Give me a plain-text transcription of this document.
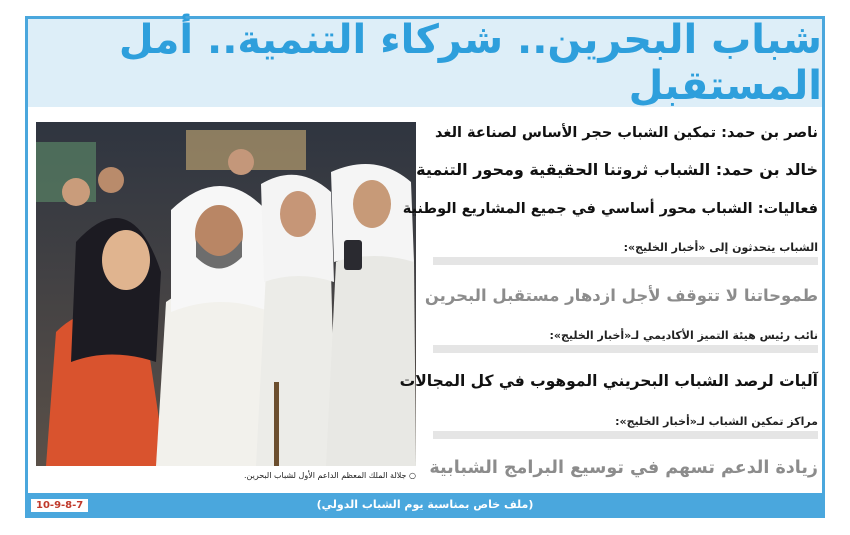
شباب البحرين.. شركاء التنمية.. أمل المستقبل
○ جلالة الملك المعظم الداعم الأول لشباب البحرين.
ناصر بن حمد: تمكين الشباب حجر الأساس لصناعة الغد
خالد بن حمد: الشباب ثروتنا الحقيقية ومحور التنمية
فعاليات: الشباب محور أساسي في جميع المشاريع الوطنية
الشباب يتحدثون إلى «أخبار الخليج»:
طموحاتنا لا تتوقف لأجل ازدهار مستقبل البحرين
نائب رئيس هيئة التميز الأكاديمي لـ«أخبار الخليج»:
آليات لرصد الشباب البحريني الموهوب في كل المجالات
مراكز تمكين الشباب لـ«أخبار الخليج»:
زيادة الدعم تسهم في توسيع البرامج الشبابية
(ملف خاص بمناسبة يوم الشباب الدولي)
10-9-8-7
